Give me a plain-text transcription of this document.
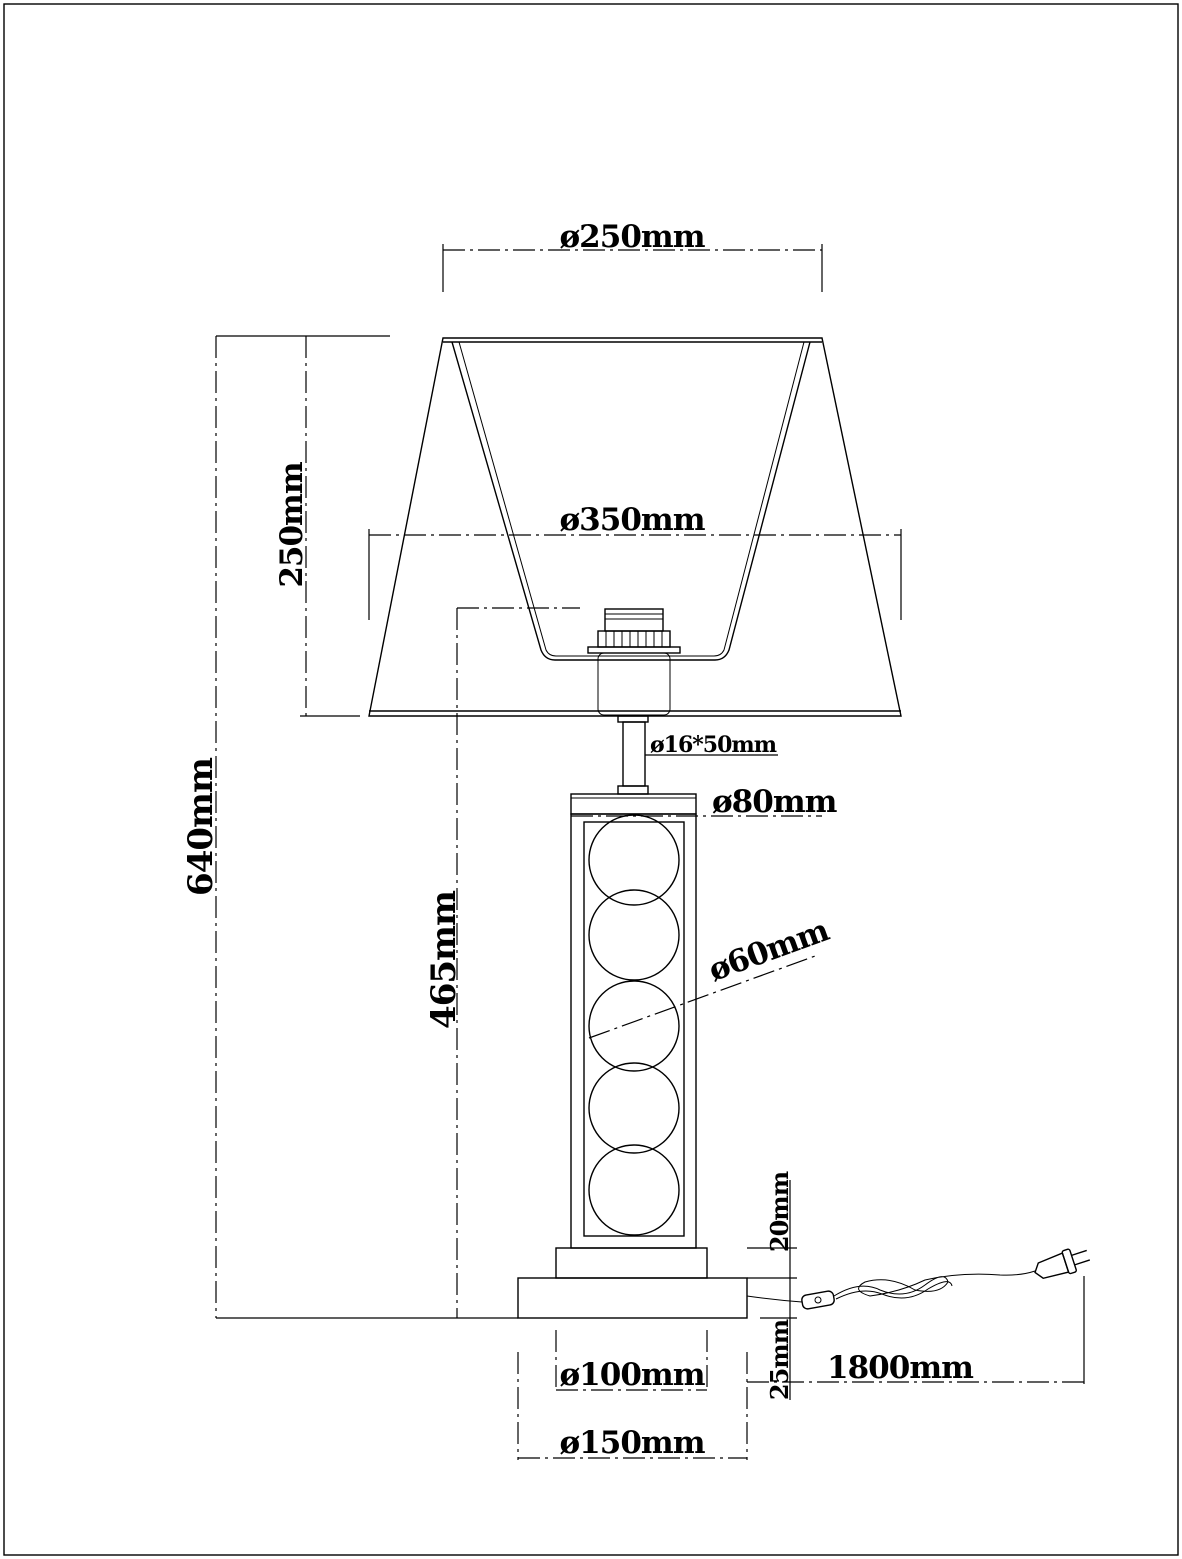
ø250mm
ø350mm
250mm
640mm
465mm
ø16*50mm
ø80mm
ø60mm
20mm
25mm 1800mm
ø100mm
ø150mm
